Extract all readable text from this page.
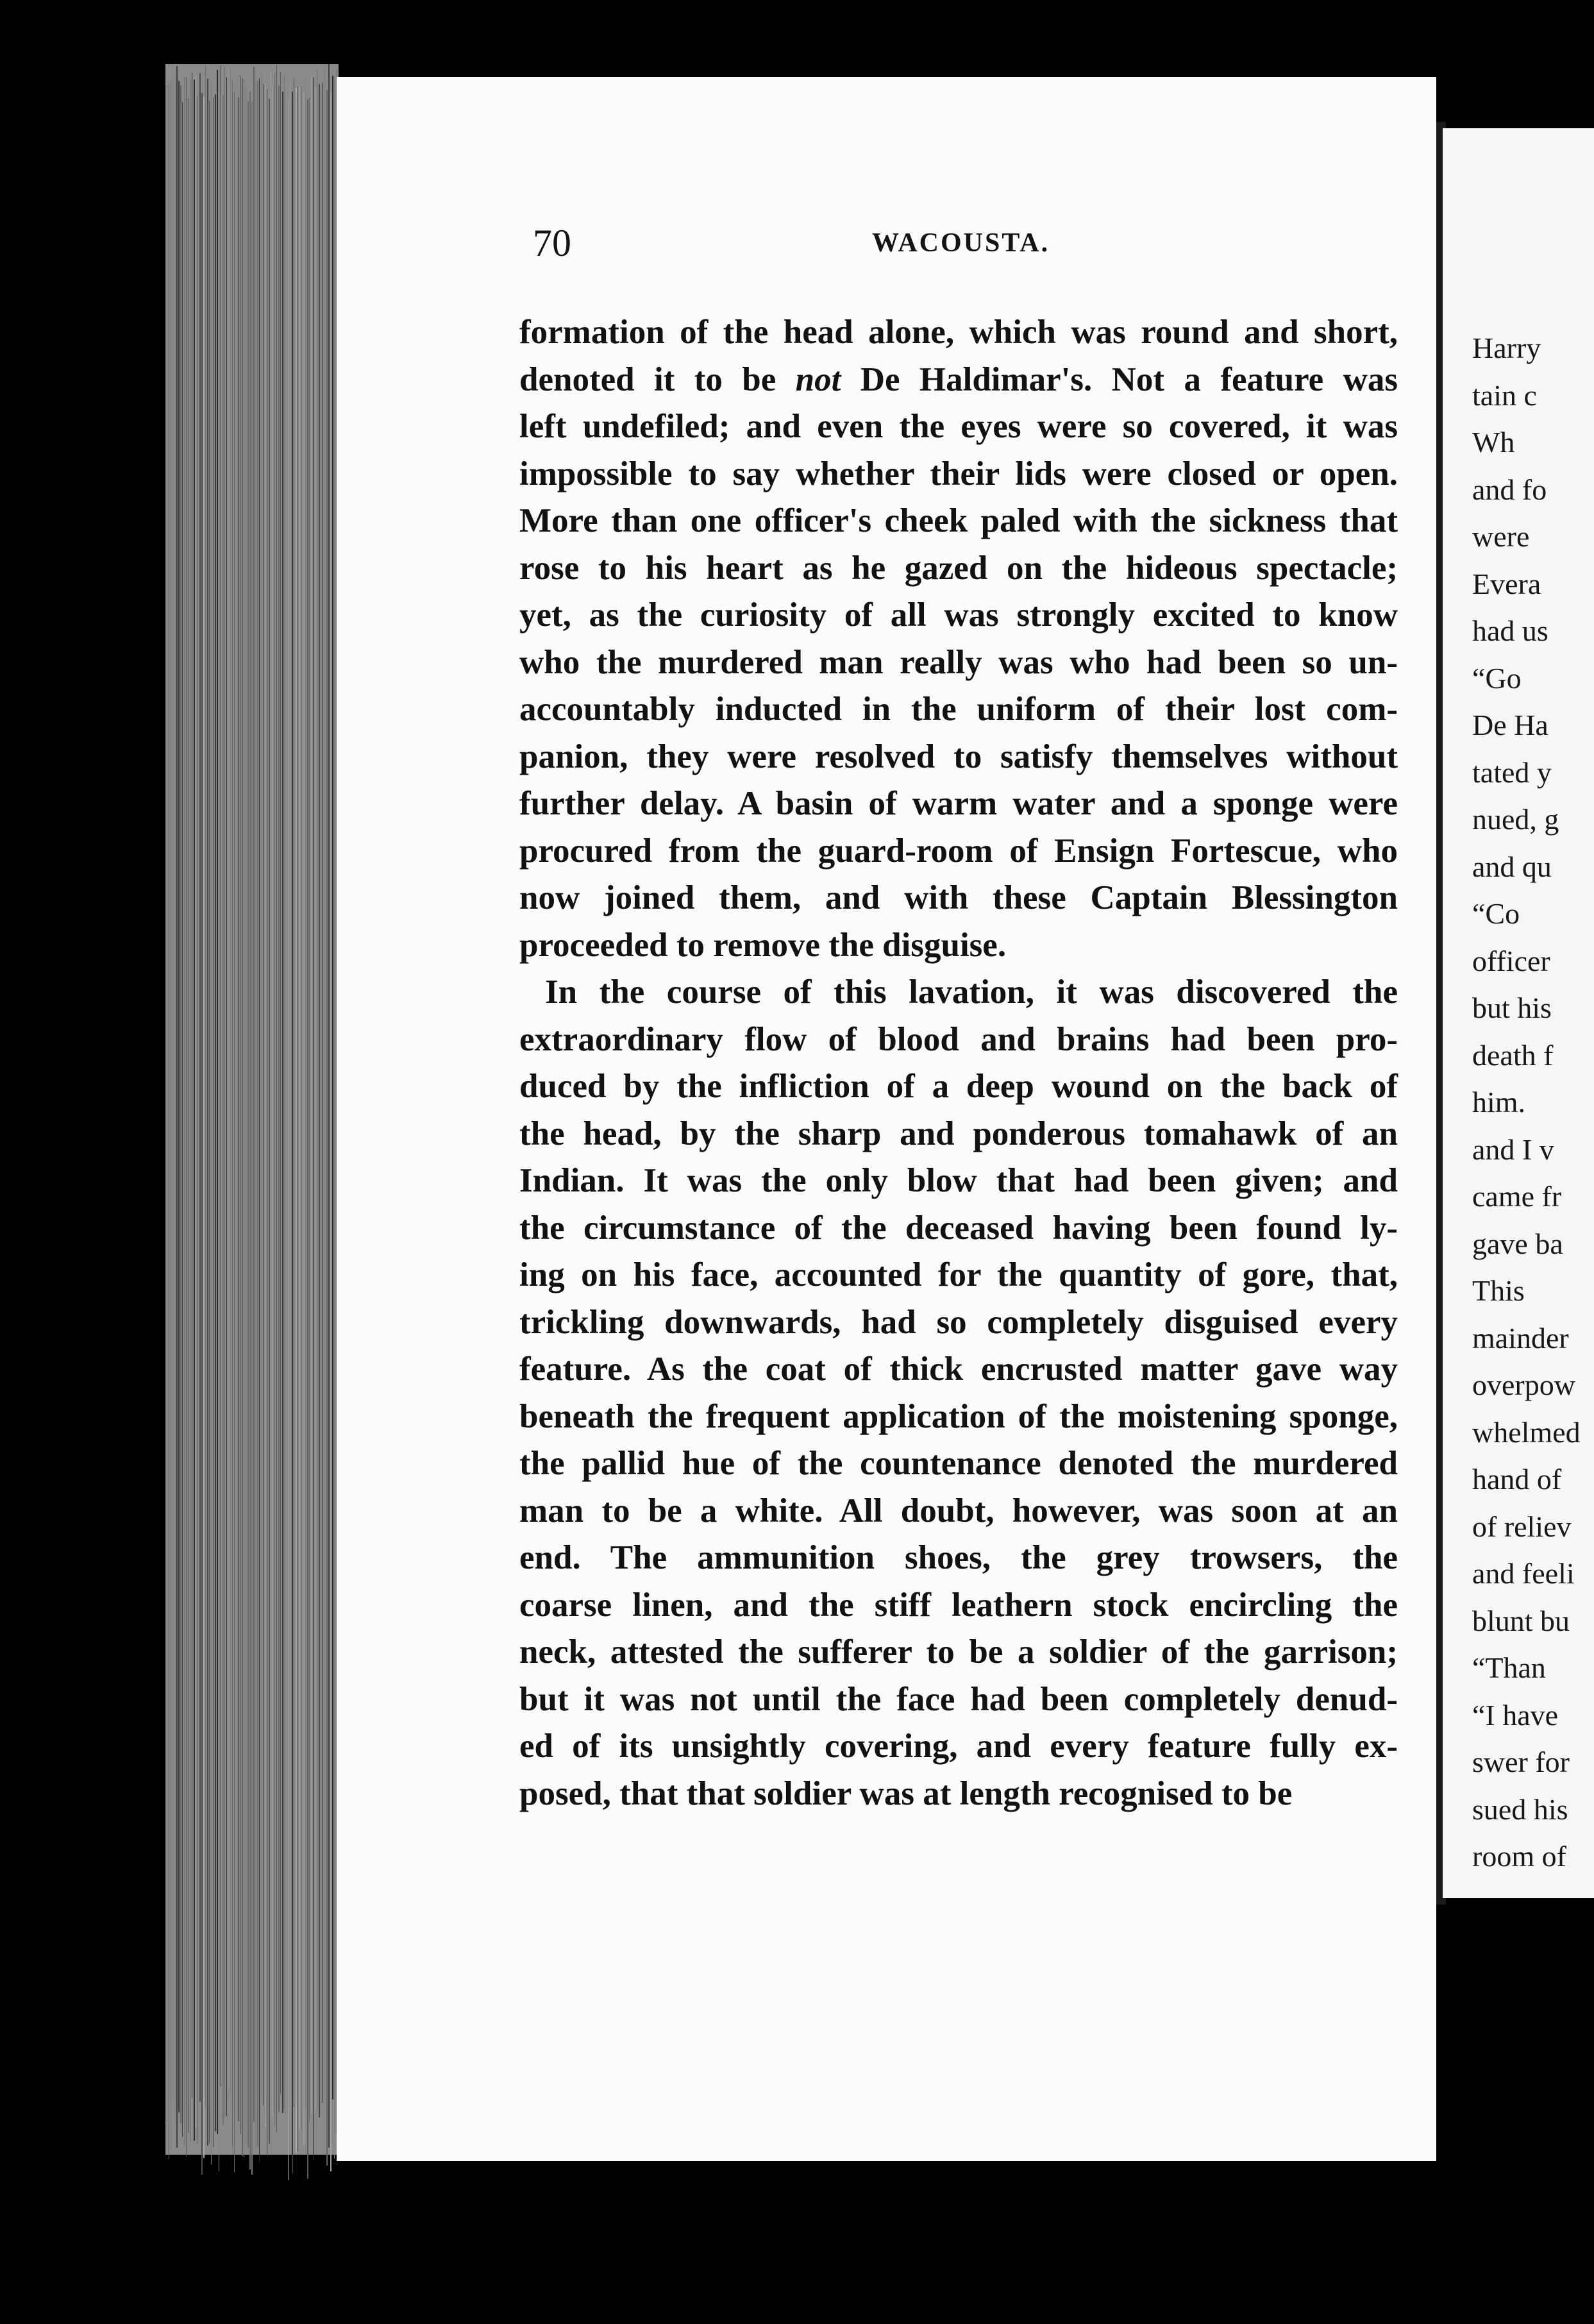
Harry
tain c
Wh
and fo
were
Evera
had us
“Go
De Ha
tated y
nued, g
and qu
“Co
officer
but his
death f
him.
and I v
came fr
gave ba
This
mainder
overpow
whelmed
hand of
of reliev
and feeli
blunt bu
“Than
“I have
swer for
sued his
room of
70	WACOUSTA.
formation of the head alone, which was round and short,
denoted it to be not De Haldimar's. Not a feature was
left undefiled; and even the eyes were so covered, it was
impossible to say whether their lids were closed or open.
More than one officer's cheek paled with the sickness that
rose to his heart as he gazed on the hideous spectacle;
yet, as the curiosity of all was strongly excited to know
who the murdered man really was who had been so un-
accountably inducted in the uniform of their lost com-
panion, they were resolved to satisfy themselves without
further delay. A basin of warm water and a sponge were
procured from the guard-room of Ensign Fortescue, who
now joined them, and with these Captain Blessington
proceeded to remove the disguise.
In the course of this lavation, it was discovered the
extraordinary flow of blood and brains had been pro-
duced by the infliction of a deep wound on the back of
the head, by the sharp and ponderous tomahawk of an
Indian. It was the only blow that had been given; and
the circumstance of the deceased having been found ly-
ing on his face, accounted for the quantity of gore, that,
trickling downwards, had so completely disguised every
feature. As the coat of thick encrusted matter gave way
beneath the frequent application of the moistening sponge,
the pallid hue of the countenance denoted the murdered
man to be a white. All doubt, however, was soon at an
end. The ammunition shoes, the grey trowsers, the
coarse linen, and the stiff leathern stock encircling the
neck, attested the sufferer to be a soldier of the garrison;
but it was not until the face had been completely denud-
ed of its unsightly covering, and every feature fully ex-
posed, that that soldier was at length recognised to be
